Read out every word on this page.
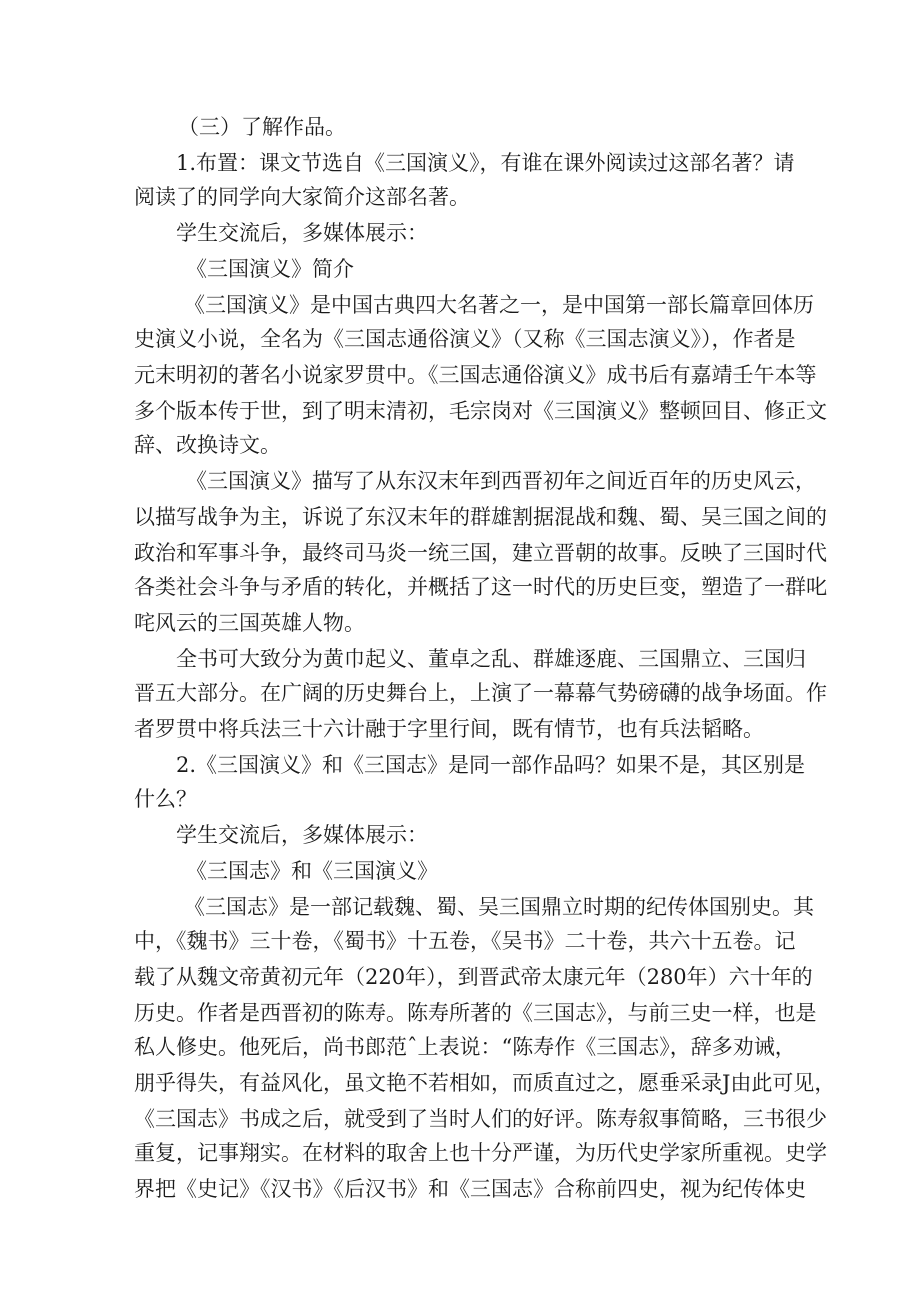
（三）了解作品。
1.布置：课文节选自《三国演义》，有谁在课外阅读过这部名著？请
阅读了的同学向大家简介这部名著。
学生交流后，多媒体展示：
《三国演义》简介
《三国演义》是中国古典四大名著之一，是中国第一部长篇章回体历
史演义小说，全名为《三国志通俗演义》（又称《三国志演义》），作者是
元末明初的著名小说家罗贯中。《三国志通俗演义》成书后有嘉靖壬午本等
多个版本传于世，到了明末清初，毛宗岗对《三国演义》整顿回目、修正文
辞、改换诗文。
《三国演义》描写了从东汉末年到西晋初年之间近百年的历史风云，
以描写战争为主，诉说了东汉末年的群雄割据混战和魏、蜀、吴三国之间的
政治和军事斗争，最终司马炎一统三国，建立晋朝的故事。反映了三国时代
各类社会斗争与矛盾的转化，并概括了这一时代的历史巨变，塑造了一群叱
咤风云的三国英雄人物。
全书可大致分为黄巾起义、董卓之乱、群雄逐鹿、三国鼎立、三国归
晋五大部分。在广阔的历史舞台上，上演了一幕幕气势磅礴的战争场面。作
者罗贯中将兵法三十六计融于字里行间，既有情节，也有兵法韬略。
2.《三国演义》和《三国志》是同一部作品吗？如果不是，其区别是
什么？
学生交流后，多媒体展示：
《三国志》和《三国演义》
《三国志》是一部记载魏、蜀、吴三国鼎立时期的纪传体国别史。其
中，《魏书》三十卷，《蜀书》十五卷，《吴书》二十卷，共六十五卷。记
载了从魏文帝黄初元年（220年），到晋武帝太康元年（280年）六十年的
历史。作者是西晋初的陈寿。陈寿所著的《三国志》，与前三史一样，也是
私人修史。他死后，尚书郎范ˆ上表说：“陈寿作《三国志》，辞多劝诫，
朋乎得失，有益风化，虽文艳不若相如，而质直过之，愿垂采录J由此可见，
《三国志》书成之后，就受到了当时人们的好评。陈寿叙事简略，三书很少
重复，记事翔实。在材料的取舍上也十分严谨，为历代史学家所重视。史学
界把《史记》《汉书》《后汉书》和《三国志》合称前四史，视为纪传体史
